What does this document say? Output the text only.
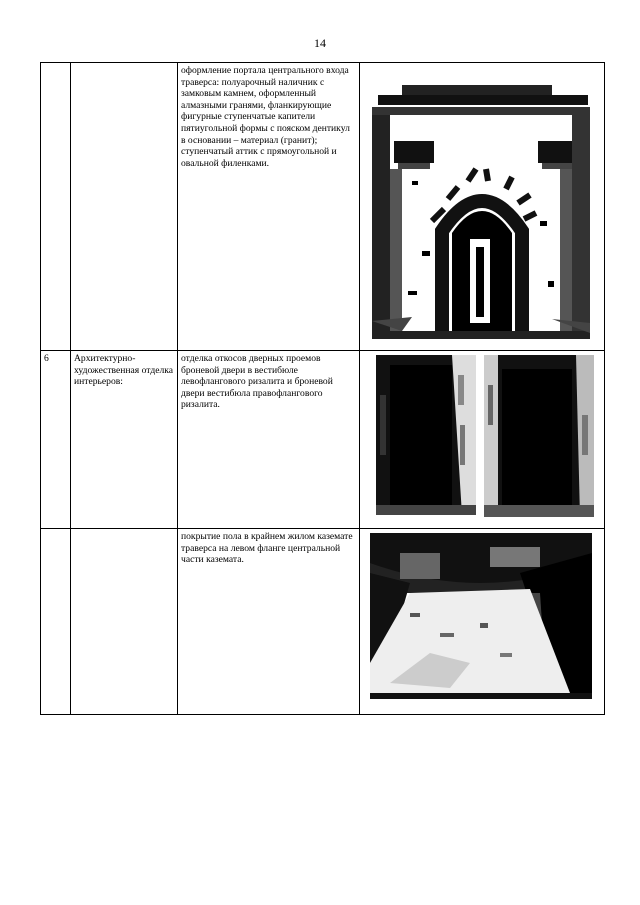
14
		оформление портала центрального входа траверса: полуарочный наличник с замковым камнем, оформленный алмазными гранями, фланкирующие фигурные ступенчатые капители пятиугольной формы с пояском дентикул в основании – материал (гранит); ступенчатый аттик с прямоугольной и овальной филенками.	

6	Архитектурно-художественная отделка интерьеров:	отделка откосов дверных проемов броневой двери в вестибюле левофлангового ризалита и броневой двери вестибюла правофлангового ризалита.	

		покрытие пола в крайнем жилом каземате траверса на левом фланге центральной части каземата.	
